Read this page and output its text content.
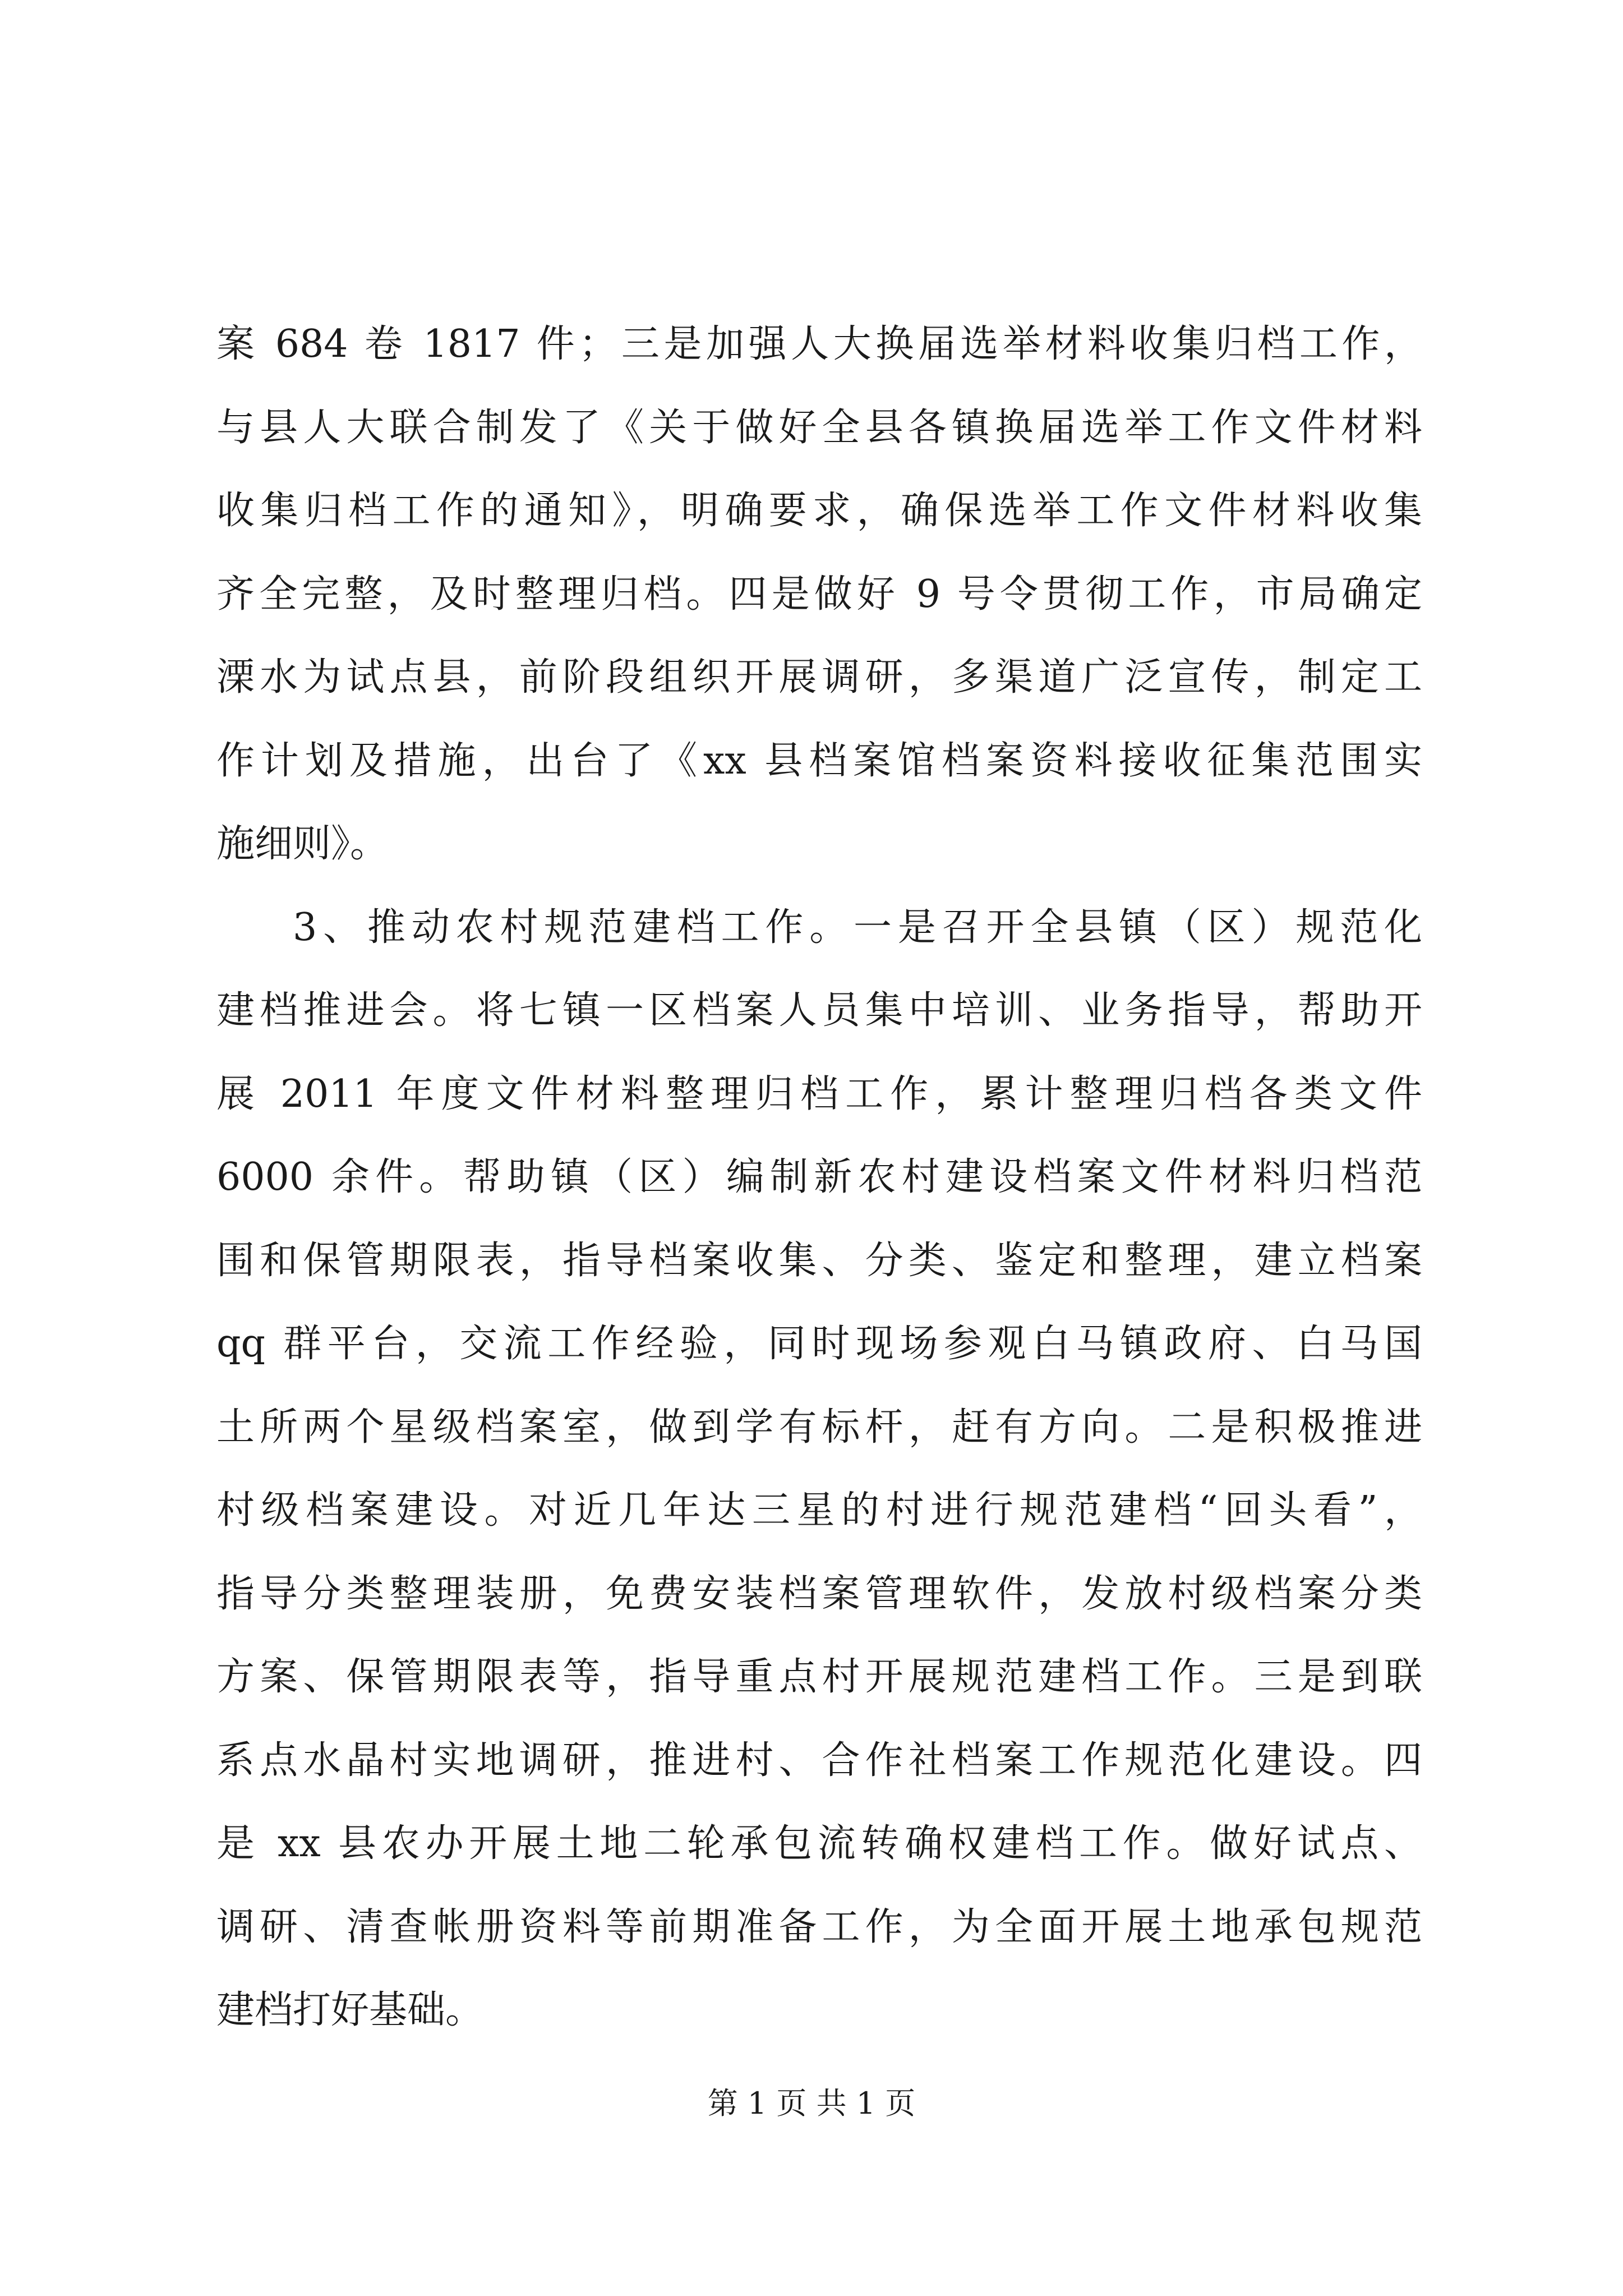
案 684 卷 1817 件；三是加强人大换届选举材料收集归档工作，
与县人大联合制发了《关于做好全县各镇换届选举工作文件材料
收集归档工作的通知》，明确要求，确保选举工作文件材料收集
齐全完整，及时整理归档。四是做好 9 号令贯彻工作，市局确定
溧水为试点县，前阶段组织开展调研，多渠道广泛宣传，制定工
作计划及措施，出台了《xx 县档案馆档案资料接收征集范围实
施细则》。
3、推动农村规范建档工作。一是召开全县镇（区）规范化
建档推进会。将七镇一区档案人员集中培训、业务指导，帮助开
展 2011 年度文件材料整理归档工作，累计整理归档各类文件
6000 余件。帮助镇（区）编制新农村建设档案文件材料归档范
围和保管期限表，指导档案收集、分类、鉴定和整理，建立档案
qq 群平台，交流工作经验，同时现场参观白马镇政府、白马国
土所两个星级档案室，做到学有标杆，赶有方向。二是积极推进
村级档案建设。对近几年达三星的村进行规范建档“回头看”，
指导分类整理装册，免费安装档案管理软件，发放村级档案分类
方案、保管期限表等，指导重点村开展规范建档工作。三是到联
系点水晶村实地调研，推进村、合作社档案工作规范化建设。四
是 xx 县农办开展土地二轮承包流转确权建档工作。做好试点、
调研、清查帐册资料等前期准备工作，为全面开展土地承包规范
建档打好基础。
第 1 页 共 1 页
